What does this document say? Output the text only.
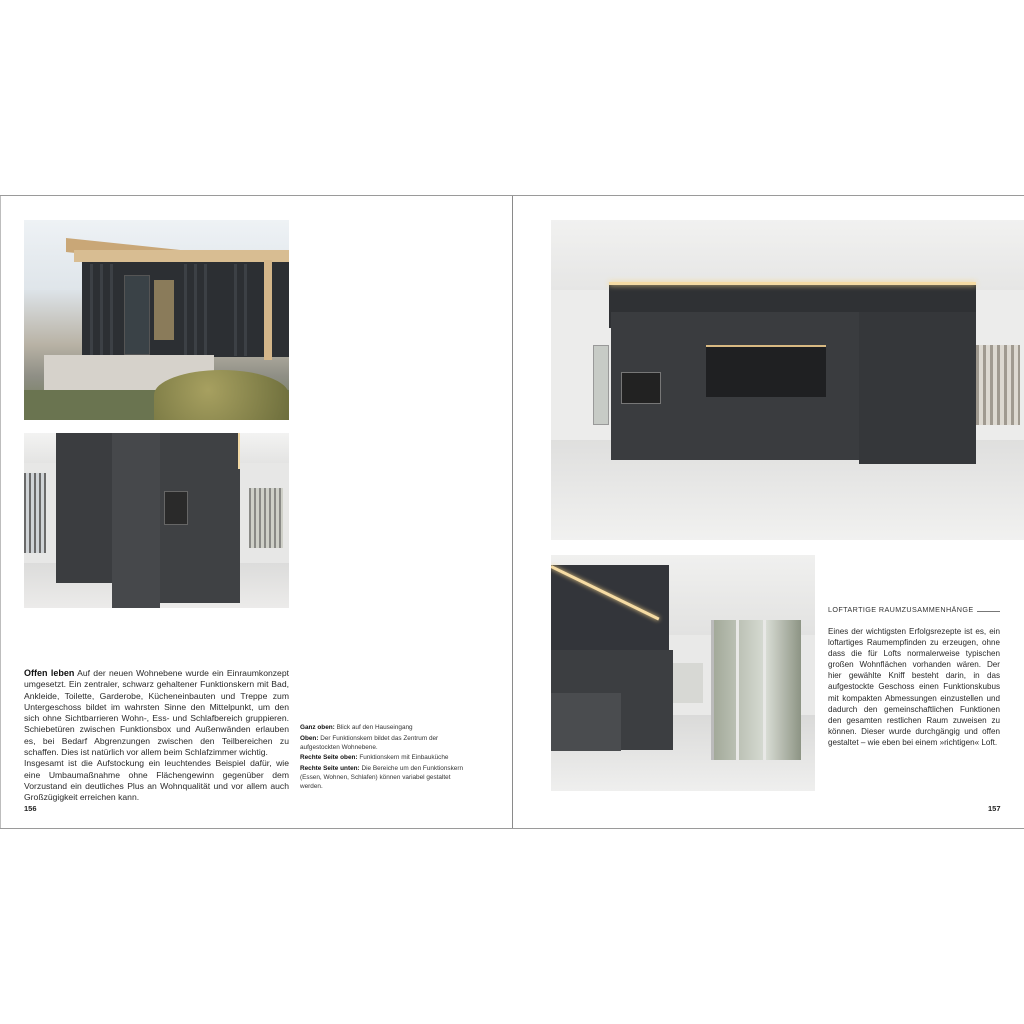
Offen leben Auf der neuen Wohnebene wurde ein Einraumkonzept umgesetzt. Ein zentraler, schwarz gehaltener Funktionskern mit Bad, Ankleide, Toilette, Garderobe, Kücheneinbauten und Treppe zum Untergeschoss bildet im wahrsten Sinne den Mittelpunkt, um den sich ohne Sichtbarrieren Wohn-, Ess- und Schlafbereich gruppieren. Schiebetüren zwischen Funktionsbox und Außenwänden erlauben es, bei Bedarf Abgrenzungen zwischen den Teilbereichen zu schaffen. Dies ist natürlich vor allem beim Schlafzimmer wichtig.
Insgesamt ist die Aufstockung ein leuchtendes Beispiel dafür, wie eine Umbaumaßnahme ohne Flächengewinn gegenüber dem Vorzustand ein deutliches Plus an Wohnqualität und vor allem auch Großzügigkeit erreichen kann.

Ganz oben: Blick auf den Hauseingang

Oben: Der Funktionskern bildet das Zentrum der aufgestockten Wohnebene.

Rechte Seite oben: Funktionskern mit Einbauküche

Rechte Seite unten: Die Bereiche um den Funktionskern (Essen, Wohnen, Schlafen) können variabel gestaltet werden.

156
LOFTARTIGE RAUMZUSAMMENHÄNGE
Eines der wichtigsten Erfolgsrezepte ist es, ein loftartiges Raumempfinden zu erzeugen, ohne dass die für Lofts normalerweise typischen großen Wohnflächen vorhanden wären. Der hier gewählte Kniff besteht darin, in das aufgestockte Geschoss einen Funktionskubus mit kompakten Abmessungen einzustellen und dadurch den gemeinschaftlichen Funktionen den gesamten restlichen Raum zuweisen zu können. Dieser wurde durchgängig und offen gestaltet – wie eben bei einem »richtigen« Loft.
157
